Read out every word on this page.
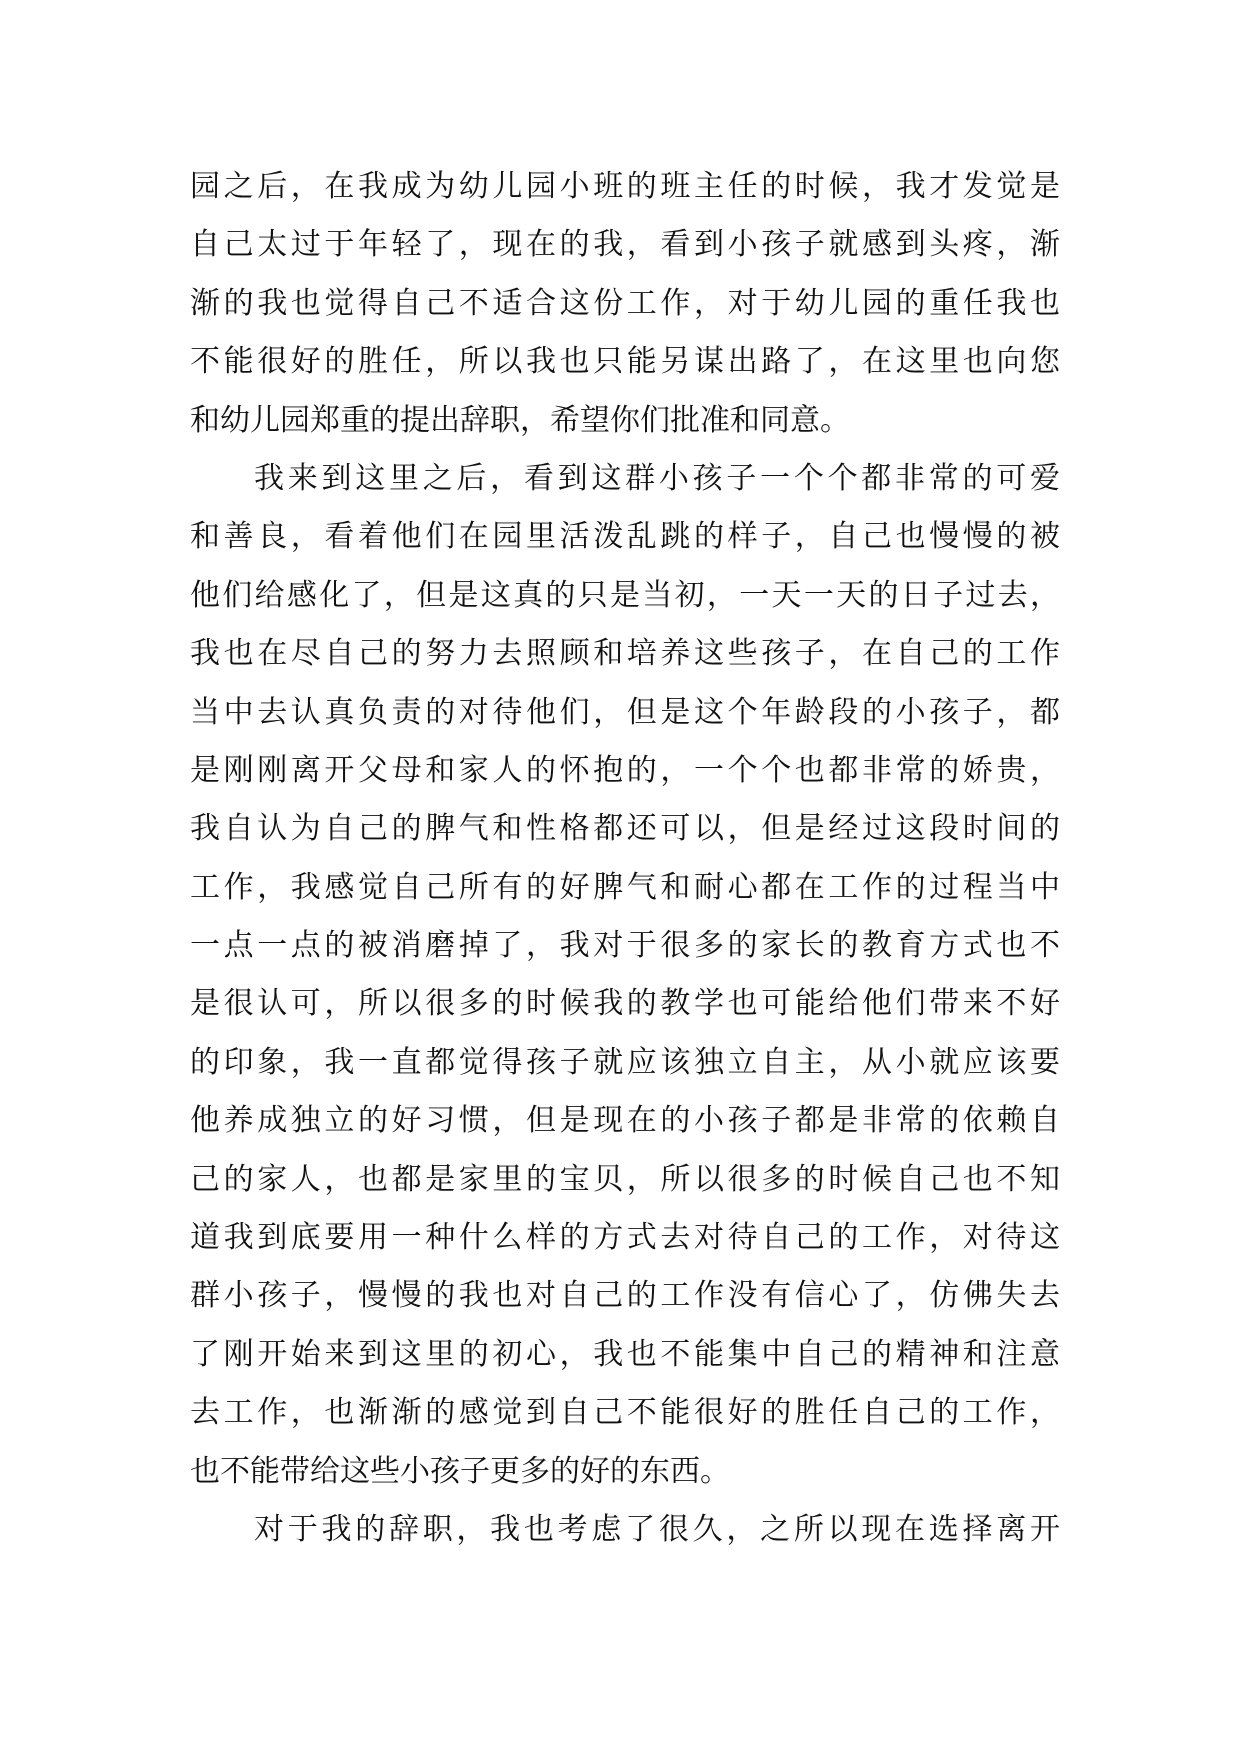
园之后，在我成为幼儿园小班的班主任的时候，我才发觉是
自己太过于年轻了，现在的我，看到小孩子就感到头疼，渐
渐的我也觉得自己不适合这份工作，对于幼儿园的重任我也
不能很好的胜任，所以我也只能另谋出路了，在这里也向您
和幼儿园郑重的提出辞职，希望你们批准和同意。
我来到这里之后，看到这群小孩子一个个都非常的可爱
和善良，看着他们在园里活泼乱跳的样子，自己也慢慢的被
他们给感化了，但是这真的只是当初，一天一天的日子过去，
我也在尽自己的努力去照顾和培养这些孩子，在自己的工作
当中去认真负责的对待他们，但是这个年龄段的小孩子，都
是刚刚离开父母和家人的怀抱的，一个个也都非常的娇贵，
我自认为自己的脾气和性格都还可以，但是经过这段时间的
工作，我感觉自己所有的好脾气和耐心都在工作的过程当中
一点一点的被消磨掉了，我对于很多的家长的教育方式也不
是很认可，所以很多的时候我的教学也可能给他们带来不好
的印象，我一直都觉得孩子就应该独立自主，从小就应该要
他养成独立的好习惯，但是现在的小孩子都是非常的依赖自
己的家人，也都是家里的宝贝，所以很多的时候自己也不知
道我到底要用一种什么样的方式去对待自己的工作，对待这
群小孩子，慢慢的我也对自己的工作没有信心了，仿佛失去
了刚开始来到这里的初心，我也不能集中自己的精神和注意
去工作，也渐渐的感觉到自己不能很好的胜任自己的工作，
也不能带给这些小孩子更多的好的东西。
对于我的辞职，我也考虑了很久，之所以现在选择离开
